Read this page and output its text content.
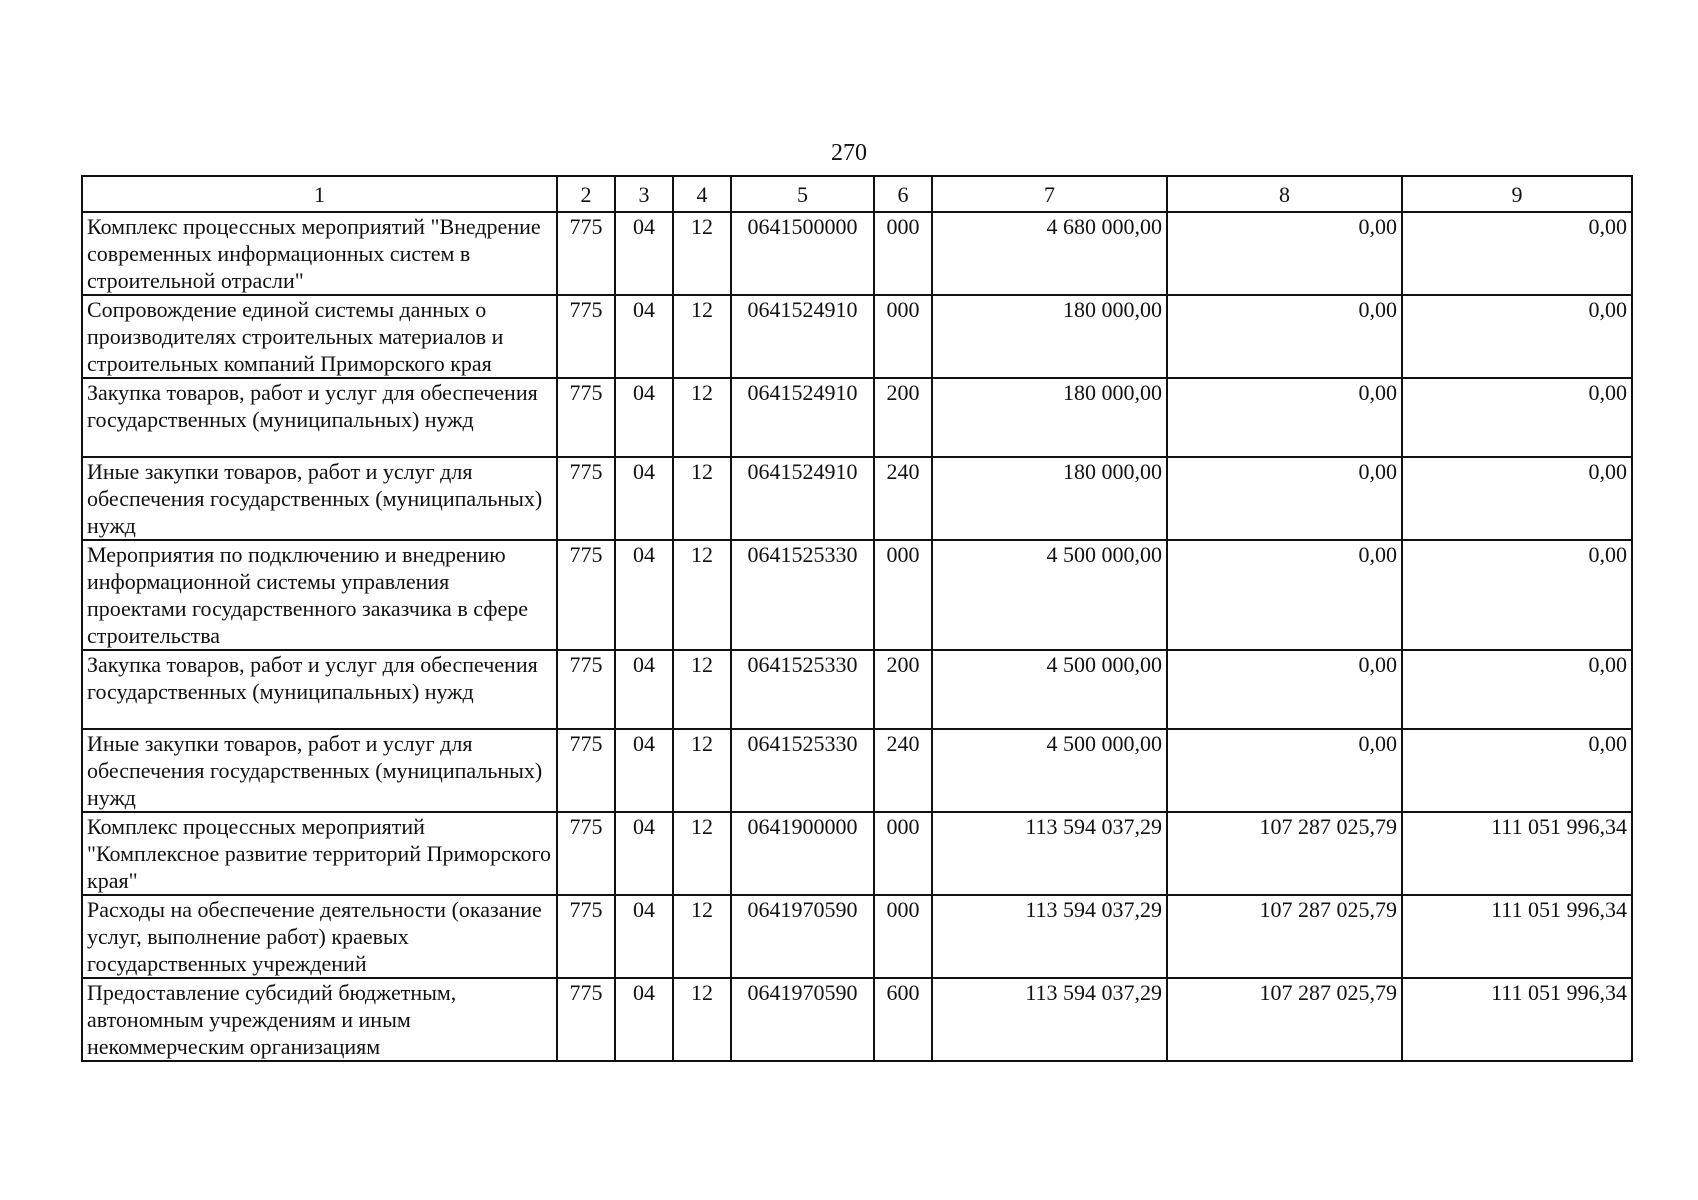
270
1	2	3	4	5	6	7	8	9
Комплекс процессных мероприятий "Внедрение современных информационных систем в строительной отрасли"	775	04	12	0641500000	000	4 680 000,00	0,00	0,00
Сопровождение единой системы данных о производителях строительных материалов и строительных компаний Приморского края	775	04	12	0641524910	000	180 000,00	0,00	0,00
Закупка товаров, работ и услуг для обеспечения государственных (муниципальных) нужд	775	04	12	0641524910	200	180 000,00	0,00	0,00
Иные закупки товаров, работ и услуг для обеспечения государственных (муниципальных) нужд	775	04	12	0641524910	240	180 000,00	0,00	0,00
Мероприятия по подключению и внедрению информационной системы управления проектами государственного заказчика в сфере строительства	775	04	12	0641525330	000	4 500 000,00	0,00	0,00
Закупка товаров, работ и услуг для обеспечения государственных (муниципальных) нужд	775	04	12	0641525330	200	4 500 000,00	0,00	0,00
Иные закупки товаров, работ и услуг для обеспечения государственных (муниципальных) нужд	775	04	12	0641525330	240	4 500 000,00	0,00	0,00
Комплекс процессных мероприятий "Комплексное развитие территорий Приморского края"	775	04	12	0641900000	000	113 594 037,29	107 287 025,79	111 051 996,34
Расходы на обеспечение деятельности (оказание услуг, выполнение работ) краевых государственных учреждений	775	04	12	0641970590	000	113 594 037,29	107 287 025,79	111 051 996,34
Предоставление субсидий бюджетным, автономным учреждениям и иным некоммерческим организациям	775	04	12	0641970590	600	113 594 037,29	107 287 025,79	111 051 996,34
